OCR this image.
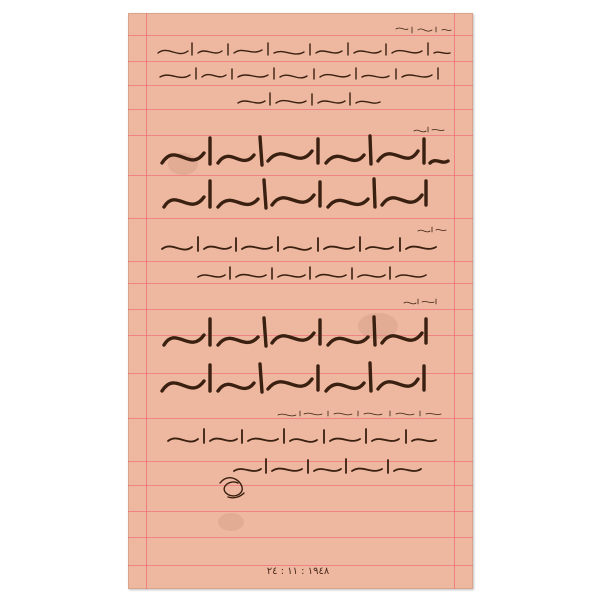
١٩٤٨ : ١١ : ٢٤
